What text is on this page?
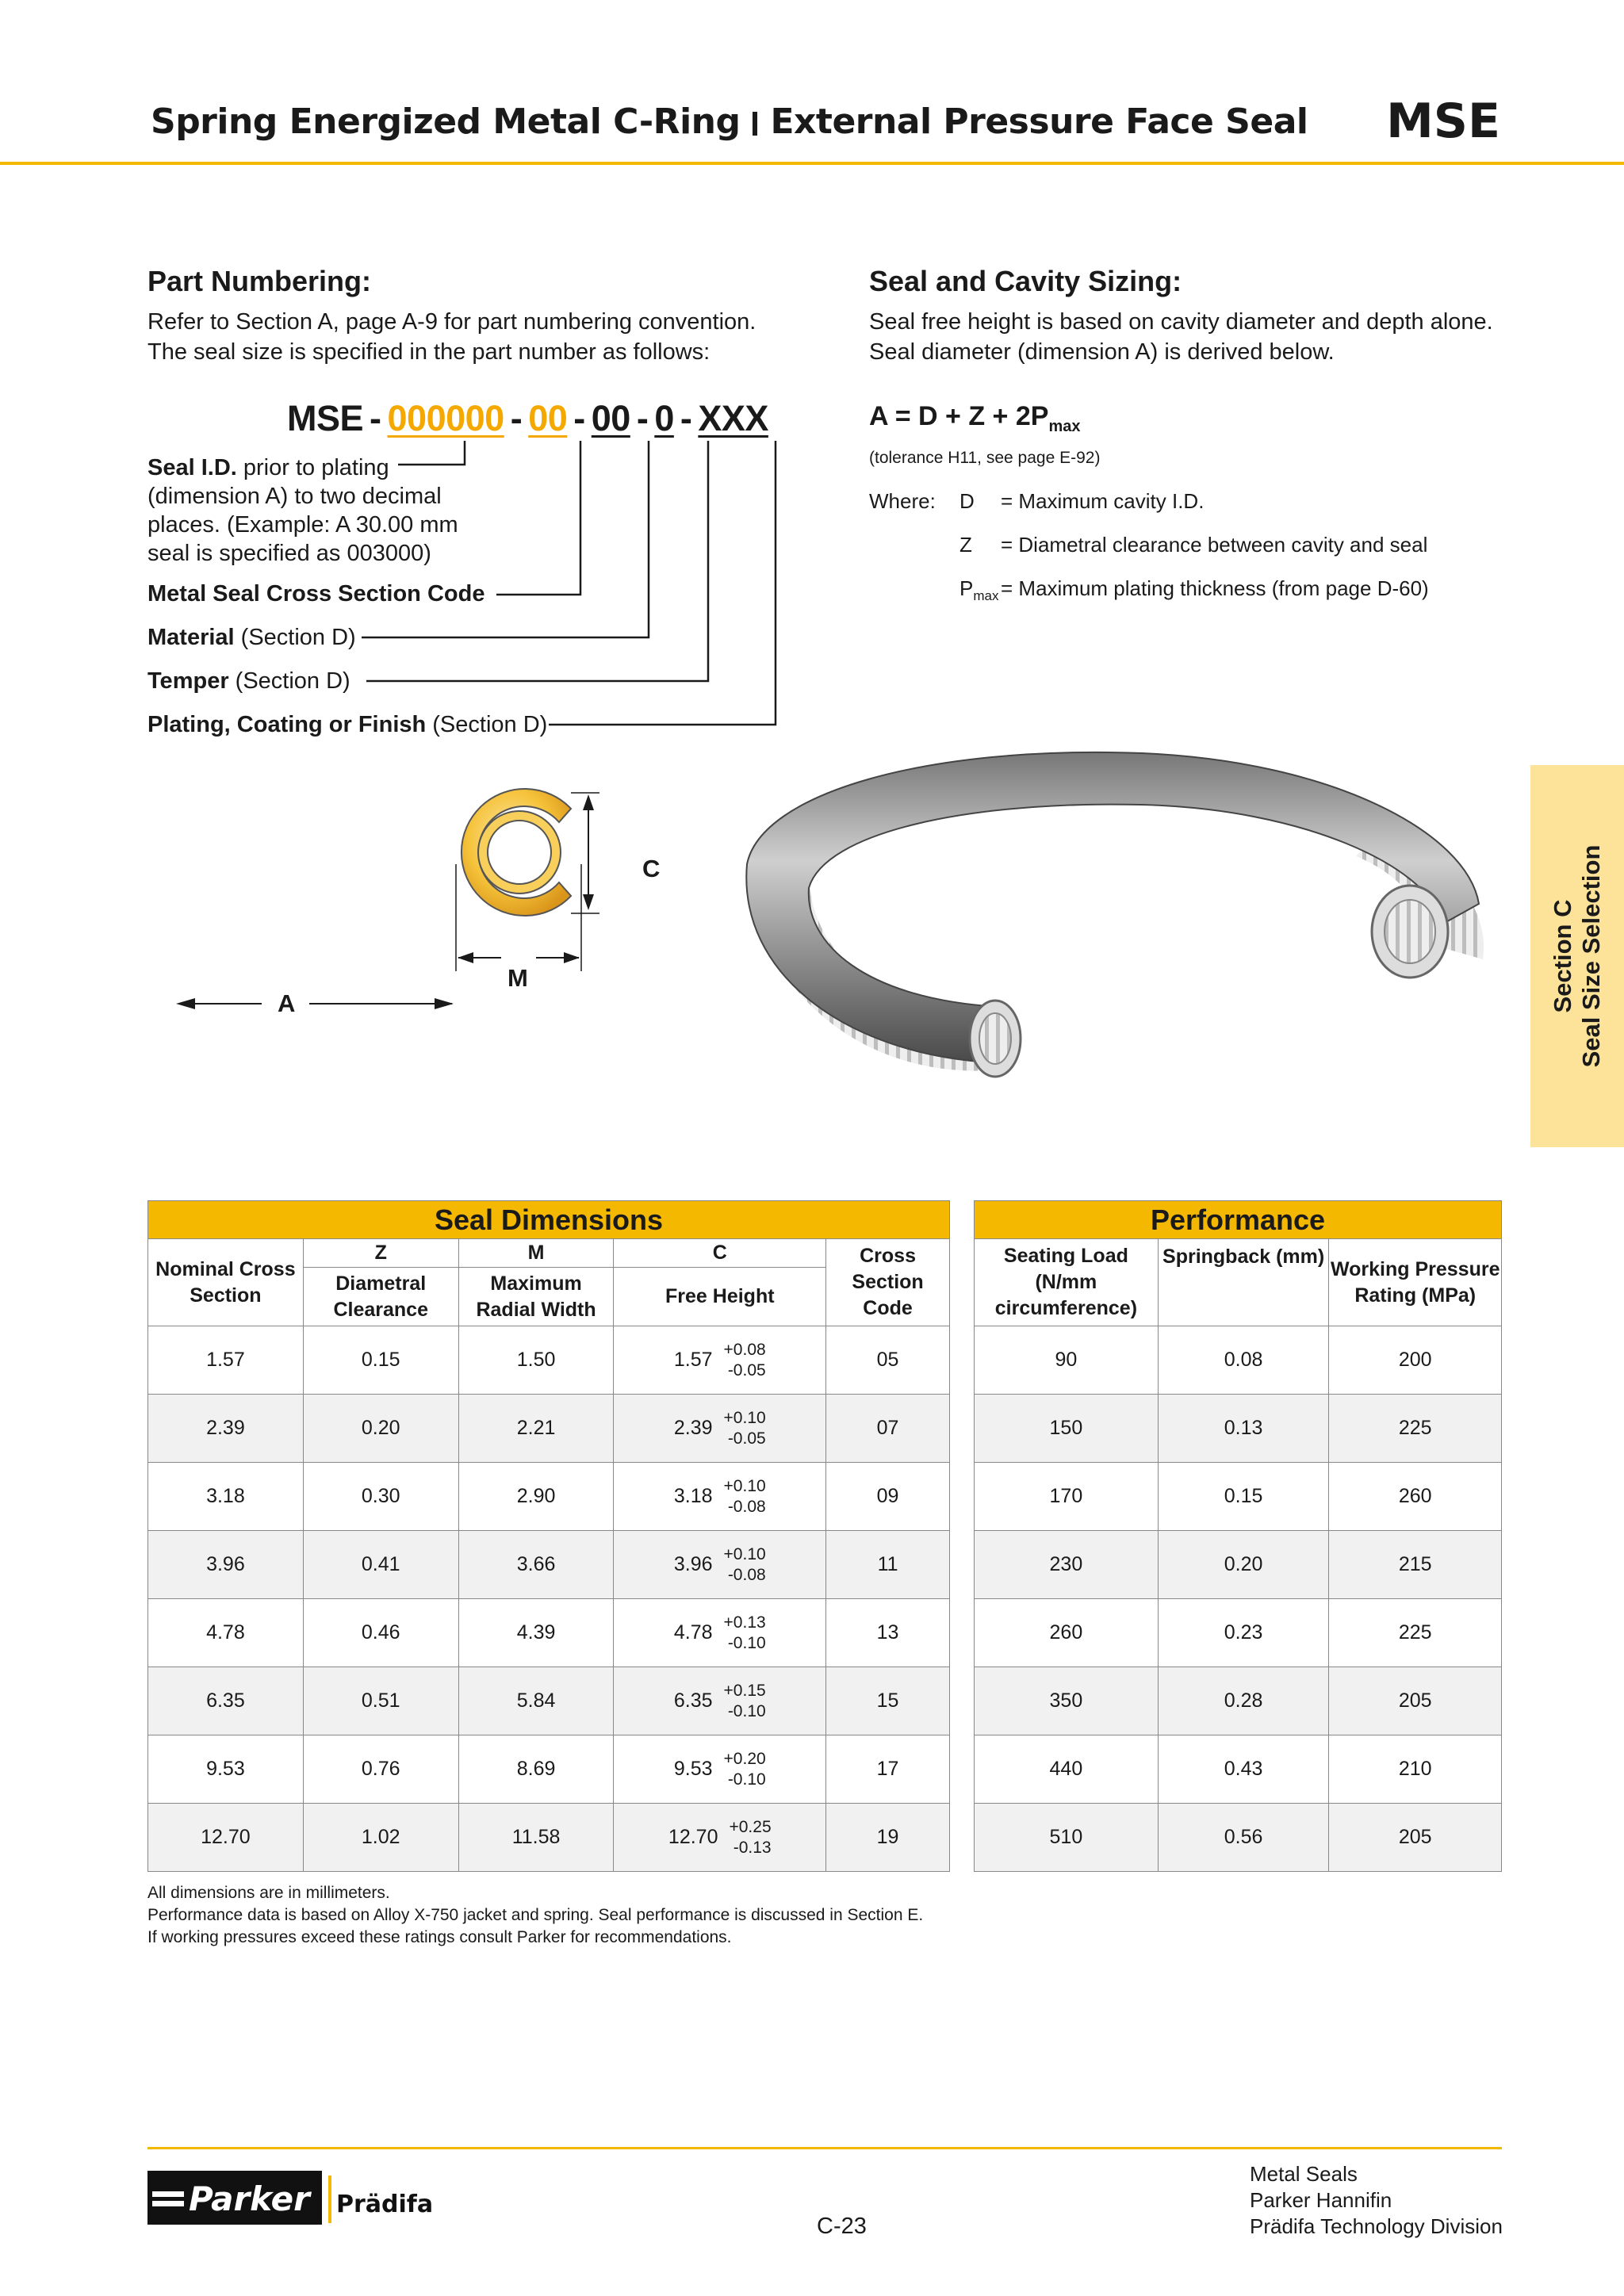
Spring Energized Metal C-Ring External Pressure Face Seal MSE
Section C Seal Size Selection
Part Numbering:
Refer to Section A, page A-9 for part numbering convention.
The seal size is specified in the part number as follows:
MSE - 000000 - 00 - 00 - 0 - XXX
Seal I.D. prior to plating
(dimension A) to two decimal
places. (Example: A 30.00 mm
seal is specified as 003000)
Metal Seal Cross Section Code
Material (Section D)
Temper (Section D)
Plating, Coating or Finish (Section D)
Seal and Cavity Sizing:
Seal free height is based on cavity diameter and depth alone.
Seal diameter (dimension A) is derived below.
$A = D + Z + 2P_{max}$
(tolerance H11, see page E-92)
Where: D = Maximum cavity I.D.
Z = Diametral clearance between cavity and seal
$P_{max}$ = Maximum plating thickness (from page D-60)
A
M
C
Seal Dimensions				
Nominal Cross Section	Z	M	C	Cross Section Code
	Diametral Clearance	Maximum Radial Width	Free Height	
1.57	0.15	1.50	1.57 +0.08
-0.05	05
2.39	0.20	2.21	2.39 +0.10
-0.05	07
3.18	0.30	2.90	3.18 +0.10
-0.08	09
3.96	0.41	3.66	3.96 +0.10
-0.08	11
4.78	0.46	4.39	4.78 +0.13
-0.10	13
6.35	0.51	5.84	6.35 +0.15
-0.10	15
9.53	0.76	8.69	9.53 +0.20
-0.10	17
12.70	1.02	11.58	12.70 +0.25
-0.13	19
Performance		
Seating Load (N/mm circumference)	Springback (mm)	Working Pressure Rating (MPa)
90	0.08	200
150	0.13	225
170	0.15	260
230	0.20	215
260	0.23	225
350	0.28	205
440	0.43	210
510	0.56	205
All dimensions are in millimeters.
Performance data is based on Alloy X-750 jacket and spring. Seal performance is discussed in Section E.
If working pressures exceed these ratings consult Parker for recommendations.
Parker Prädifa
C-23
Metal Seals
Parker Hannifin
Prädifa Technology Division
